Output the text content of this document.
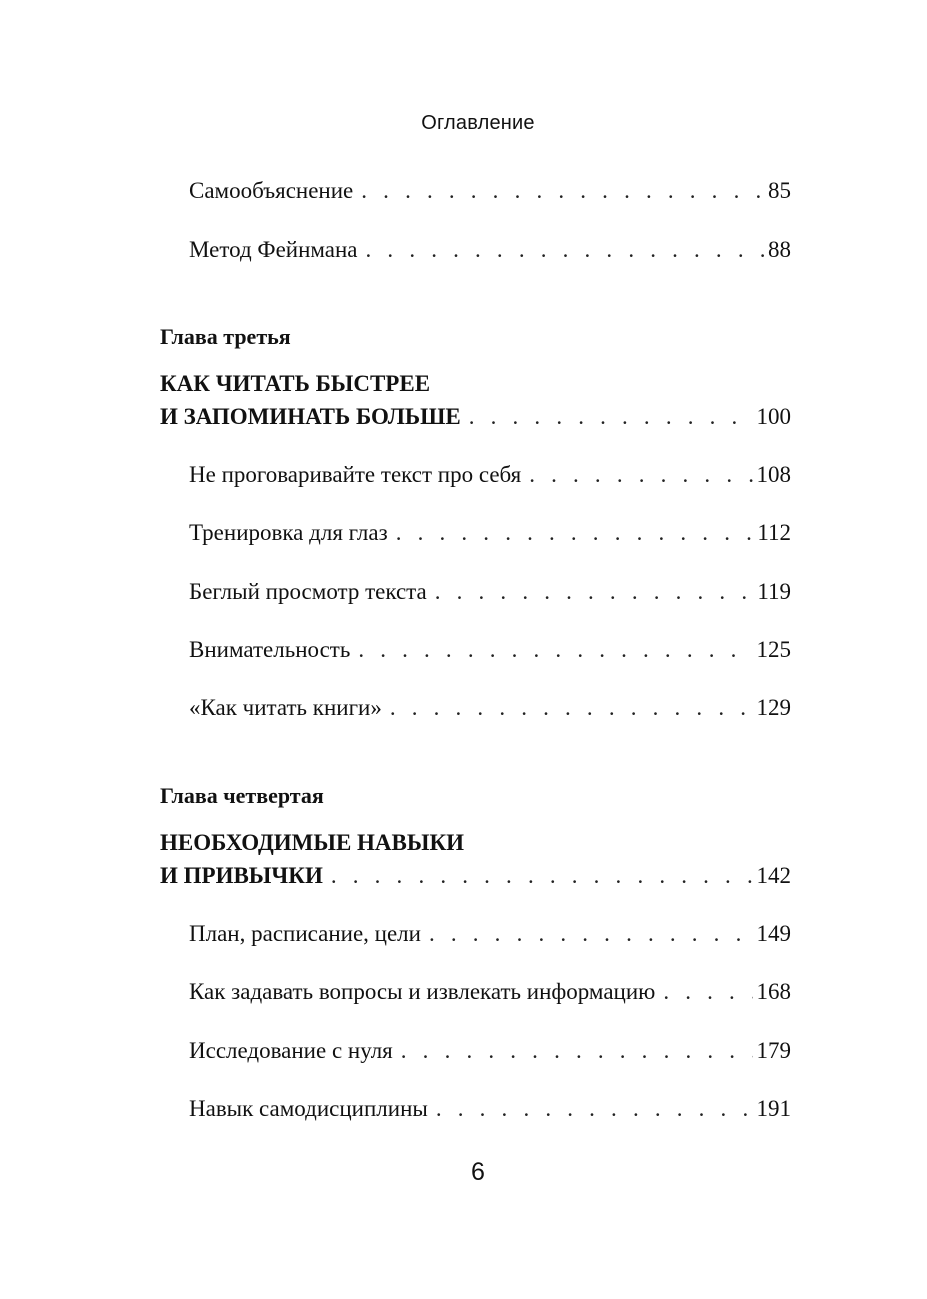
Оглавление
Самообъяснение . . .	85
Метод Фейнмана . . .	88
Глава третья
КАК ЧИТАТЬ БЫСТРЕЕ
И ЗАПОМИНАТЬ БОЛЬШЕ . . .	100
Не проговаривайте текст про себя . . .	108
Тренировка для глаз . . .	112
Беглый просмотр текста . . .	119
Внимательность . . .	125
«Как читать книги» . . .	129
Глава четвертая
НЕОБХОДИМЫЕ НАВЫКИ
И ПРИВЫЧКИ . . .	142
План, расписание, цели . . .	149
Как задавать вопросы и извлекать информацию . . .	168
Исследование с нуля . . .	179
Навык самодисциплины . . .	191
6
